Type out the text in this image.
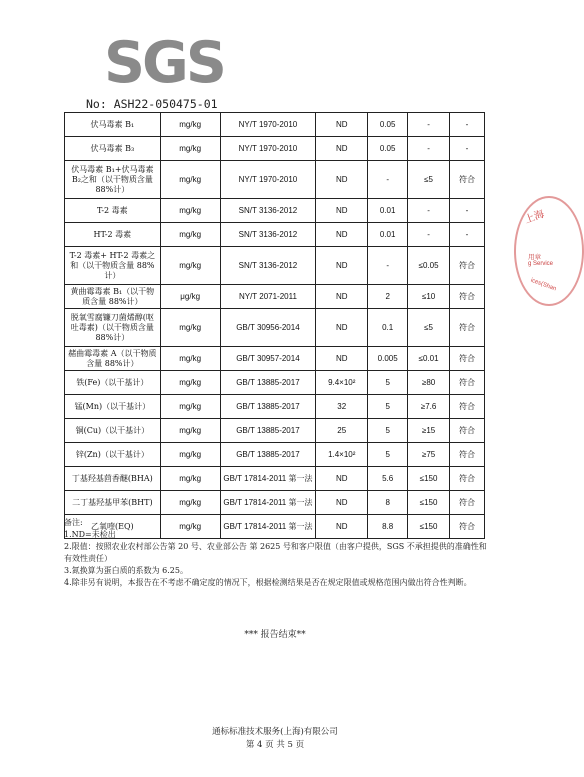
SGS
No: ASH22-050475-01
伏马毒素 B₁	mg/kg	NY/T 1970-2010	ND	0.05	-	-
伏马毒素 B₃	mg/kg	NY/T 1970-2010	ND	0.05	-	-
伏马毒素 B₁+伏马毒素 B₂之和（以干物质含量 88%计）	mg/kg	NY/T 1970-2010	ND	-	≤5	符合
T-2 毒素	mg/kg	SN/T 3136-2012	ND	0.01	-	-
HT-2 毒素	mg/kg	SN/T 3136-2012	ND	0.01	-	-
T-2 毒素+ HT-2 毒素之和（以干物质含量 88%计）	mg/kg	SN/T 3136-2012	ND	-	≤0.05	符合
黄曲霉毒素 B₁（以干物质含量 88%计）	μg/kg	NY/T 2071-2011	ND	2	≤10	符合
脱氧雪腐镰刀菌烯醇(呕吐毒素)（以干物质含量 88%计）	mg/kg	GB/T 30956-2014	ND	0.1	≤5	符合
赭曲霉毒素 A（以干物质含量 88%计）	mg/kg	GB/T 30957-2014	ND	0.005	≤0.01	符合
铁(Fe)（以干基计）	mg/kg	GB/T 13885-2017	9.4×10²	5	≥80	符合
锰(Mn)（以干基计）	mg/kg	GB/T 13885-2017	32	5	≥7.6	符合
铜(Cu)（以干基计）	mg/kg	GB/T 13885-2017	25	5	≥15	符合
锌(Zn)（以干基计）	mg/kg	GB/T 13885-2017	1.4×10²	5	≥75	符合
丁基羟基茴香醚(BHA)	mg/kg	GB/T 17814-2011 第一法	ND	5.6	≤150	符合
二丁基羟基甲苯(BHT)	mg/kg	GB/T 17814-2011 第一法	ND	8	≤150	符合
乙氧喹(EQ)	mg/kg	GB/T 17814-2011 第一法	ND	8.8	≤150	符合

备注:

1.ND=未检出

2.限值：按照农业农村部公告第 20 号、农业部公告 第 2625 号和客户限值（由客户提供，SGS 不承担提供的准确性和有效性责任）

3.氮换算为蛋白质的系数为 6.25。

4.除非另有说明，本报告在不考虑不确定度的情况下，根据检测结果是否在规定限值或规格范围内做出符合性判断。

*** 报告结束**
通标标准技术服务(上海)有限公司
第 4 页 共 5 页
上海
用章
g Service
ices(Shan
